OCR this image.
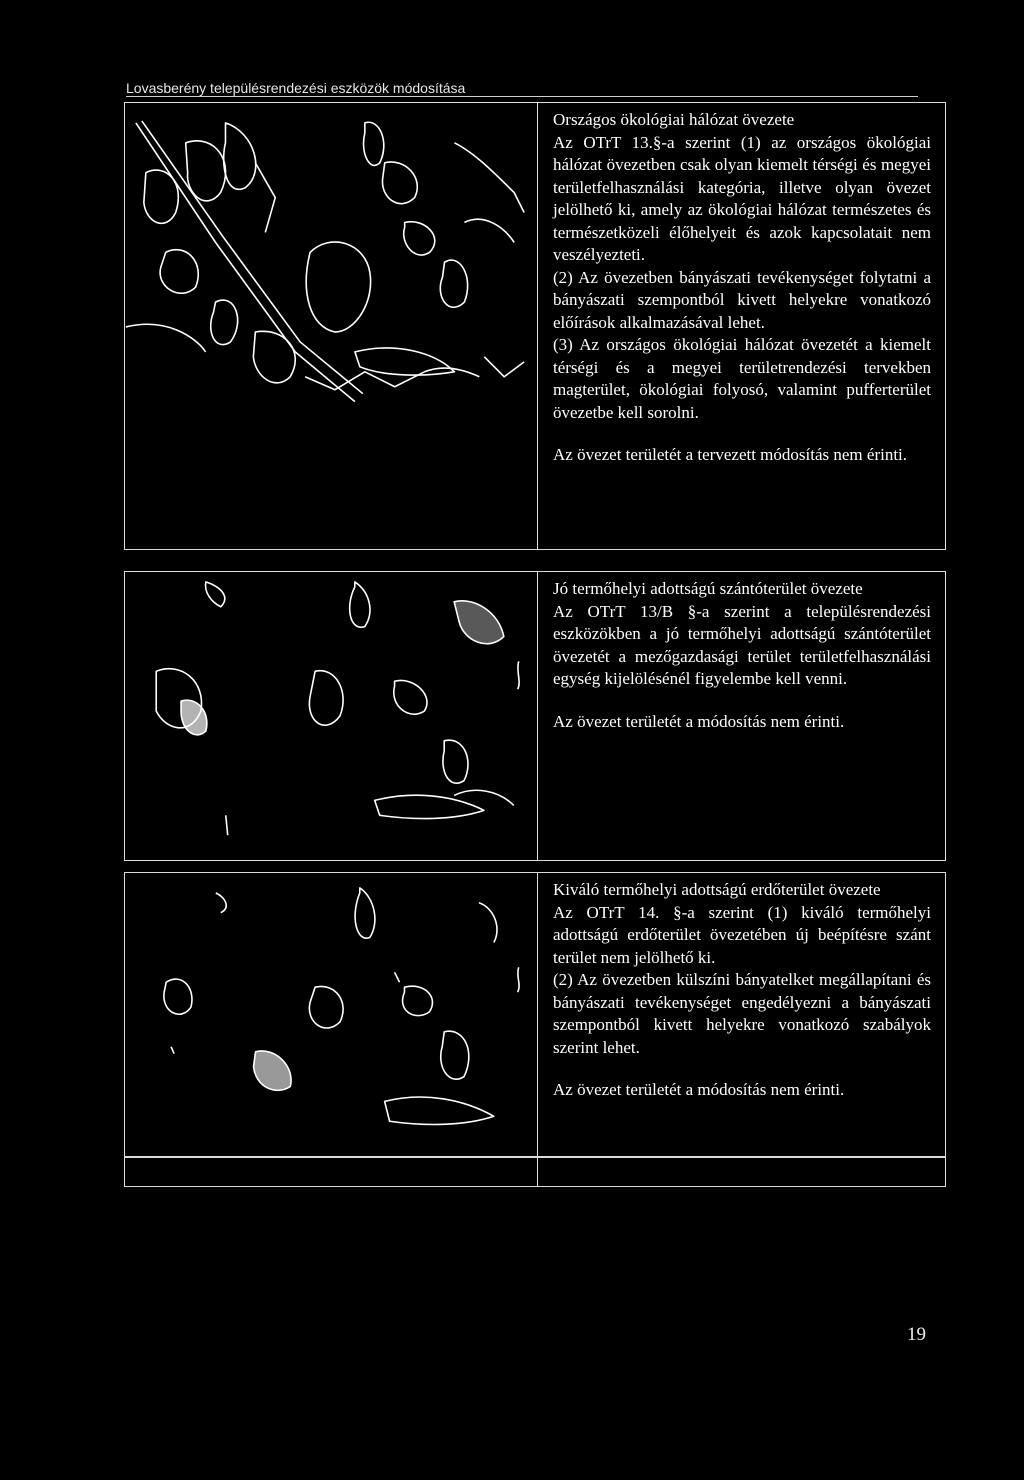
Lovasberény településrendezési eszközök módosítása

Országos ökológiai hálózat övezete

Az OTrT 13.§-a szerint (1) az országos ökológiai hálózat övezetben csak olyan kiemelt térségi és megyei területfelhasználási kategória, illetve olyan övezet jelölhető ki, amely az ökológiai hálózat természetes és természetközeli élőhelyeit és azok kapcsolatait nem veszélyezteti.

(2) Az övezetben bányászati tevékenységet folytatni a bányászati szempontból kivett helyekre vonatkozó előírások alkalmazásával lehet.

(3) Az országos ökológiai hálózat övezetét a kiemelt térségi és a megyei területrendezési tervekben magterület, ökológiai folyosó, valamint pufferterület övezetbe kell sorolni.

Az övezet területét a tervezett módosítás nem érinti.

Jó termőhelyi adottságú szántóterület övezete

Az OTrT 13/B §-a szerint a településrendezési eszközökben a jó termőhelyi adottságú szántóterület övezetét a mezőgazdasági terület területfelhasználási egység kijelölésénél figyelembe kell venni.

Az övezet területét a módosítás nem érinti.

Kiváló termőhelyi adottságú erdőterület övezete

Az OTrT 14. §-a szerint (1) kiváló termőhelyi adottságú erdőterület övezetében új beépítésre szánt terület nem jelölhető ki.

(2) Az övezetben külszíni bányatelket megállapítani és bányászati tevékenységet engedélyezni a bányászati szempontból kivett helyekre vonatkozó szabályok szerint lehet.

Az övezet területét a módosítás nem érinti.

19
